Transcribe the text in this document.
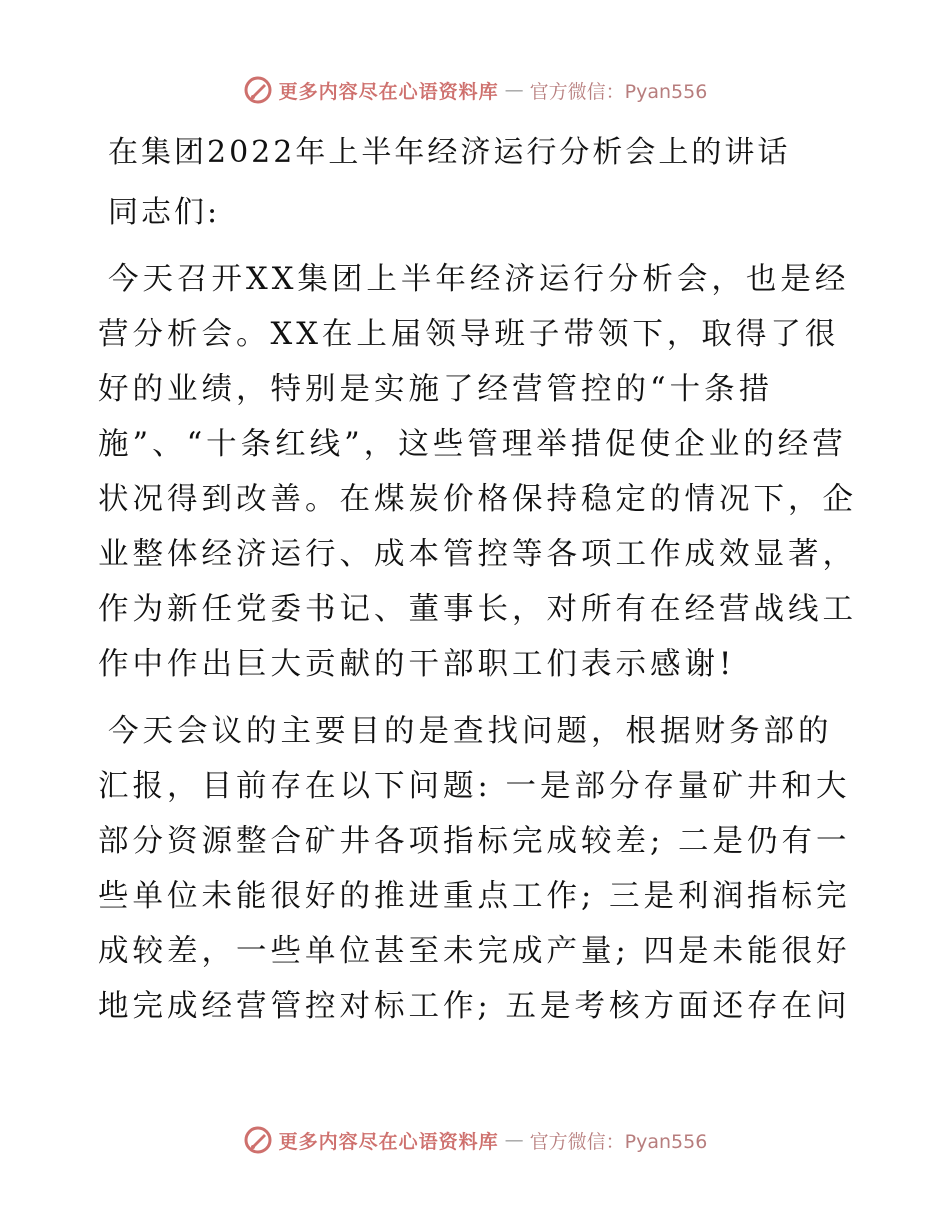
更多内容尽在心语资料库 — 官方微信：Pyan556
在集团2022年上半年经济运行分析会上的讲话
同志们:

今天召开XX集团上半年经济运行分析会，也是经营分析会。XX在上届领导班子带领下，取得了很好的业绩，特别是实施了经营管控的“十条措施”、“十条红线”，这些管理举措促使企业的经营状况得到改善。在煤炭价格保持稳定的情况下，企业整体经济运行、成本管控等各项工作成效显著，作为新任党委书记、董事长，对所有在经营战线工作中作出巨大贡献的干部职工们表示感谢!

今天会议的主要目的是查找问题，根据财务部的汇报，目前存在以下问题: 一是部分存量矿井和大部分资源整合矿井各项指标完成较差; 二是仍有一些单位未能很好的推进重点工作; 三是利润指标完成较差，一些单位甚至未完成产量; 四是未能很好地完成经营管控对标工作; 五是考核方面还存在问

更多内容尽在心语资料库 — 官方微信：Pyan556
